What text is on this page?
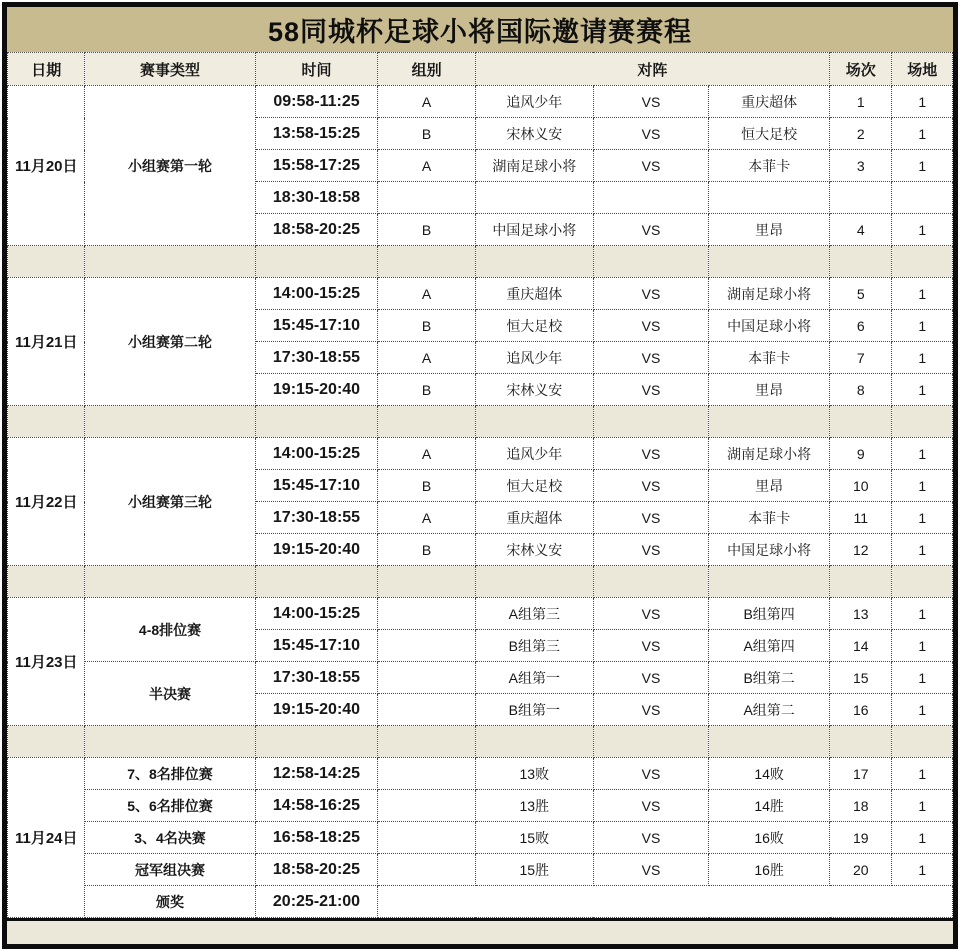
58同城杯足球小将国际邀请赛赛程
日期	赛事类型	时间	组别	对阵			场次	场地
11月20日	小组赛第一轮	09:58-11:25	A	追风少年	VS	重庆超体	1	1
		13:58-15:25	B	宋林义安	VS	恒大足校	2	1
		15:58-17:25	A	湖南足球小将	VS	本菲卡	3	1
		18:30-18:58						
		18:58-20:25	B	中国足球小将	VS	里昂	4	1

11月21日	小组赛第二轮	14:00-15:25	A	重庆超体	VS	湖南足球小将	5	1
		15:45-17:10	B	恒大足校	VS	中国足球小将	6	1
		17:30-18:55	A	追风少年	VS	本菲卡	7	1
		19:15-20:40	B	宋林义安	VS	里昂	8	1

11月22日	小组赛第三轮	14:00-15:25	A	追风少年	VS	湖南足球小将	9	1
		15:45-17:10	B	恒大足校	VS	里昂	10	1
		17:30-18:55	A	重庆超体	VS	本菲卡	11	1
		19:15-20:40	B	宋林义安	VS	中国足球小将	12	1

11月23日	4-8排位赛	14:00-15:25		A组第三	VS	B组第四	13	1
		15:45-17:10		B组第三	VS	A组第四	14	1
	半决赛	17:30-18:55		A组第一	VS	B组第二	15	1
		19:15-20:40		B组第一	VS	A组第二	16	1

11月24日	7、8名排位赛	12:58-14:25		13败	VS	14败	17	1
	5、6名排位赛	14:58-16:25		13胜	VS	14胜	18	1
	3、4名决赛	16:58-18:25		15败	VS	16败	19	1
	冠军组决赛	18:58-20:25		15胜	VS	16胜	20	1
	颁奖	20:25-21:00						
